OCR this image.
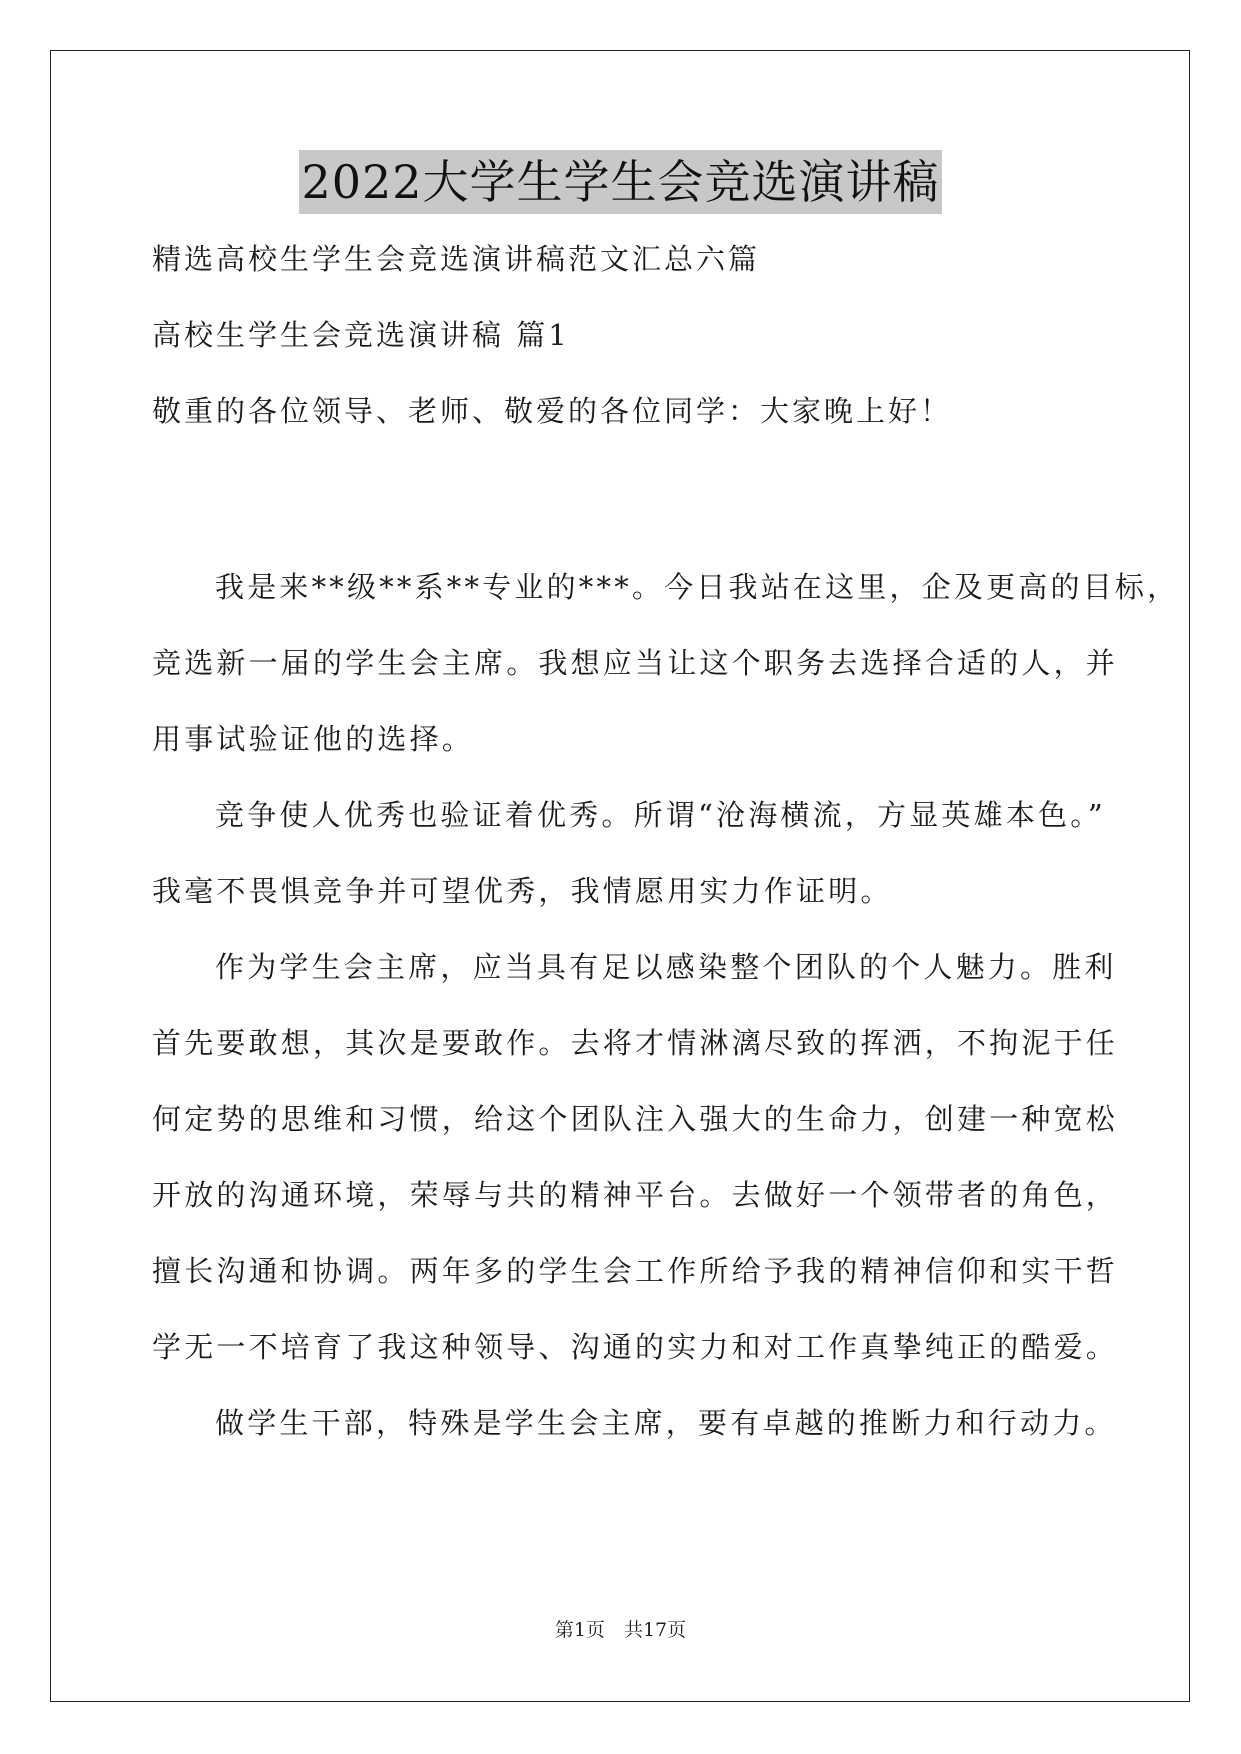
2022大学生学生会竞选演讲稿
精选高校生学生会竞选演讲稿范文汇总六篇
高校生学生会竞选演讲稿 篇1
敬重的各位领导、老师、敬爱的各位同学：大家晚上好！
我是来**级**系**专业的***。今日我站在这里，企及更高的目标，
竞选新一届的学生会主席。我想应当让这个职务去选择合适的人，并
用事试验证他的选择。
竞争使人优秀也验证着优秀。所谓“沧海横流，方显英雄本色。”
我毫不畏惧竞争并可望优秀，我情愿用实力作证明。
作为学生会主席，应当具有足以感染整个团队的个人魅力。胜利
首先要敢想，其次是要敢作。去将才情淋漓尽致的挥洒，不拘泥于任
何定势的思维和习惯，给这个团队注入强大的生命力，创建一种宽松
开放的沟通环境，荣辱与共的精神平台。去做好一个领带者的角色，
擅长沟通和协调。两年多的学生会工作所给予我的精神信仰和实干哲
学无一不培育了我这种领导、沟通的实力和对工作真挚纯正的酷爱。
做学生干部，特殊是学生会主席，要有卓越的推断力和行动力。
第1页　共17页
